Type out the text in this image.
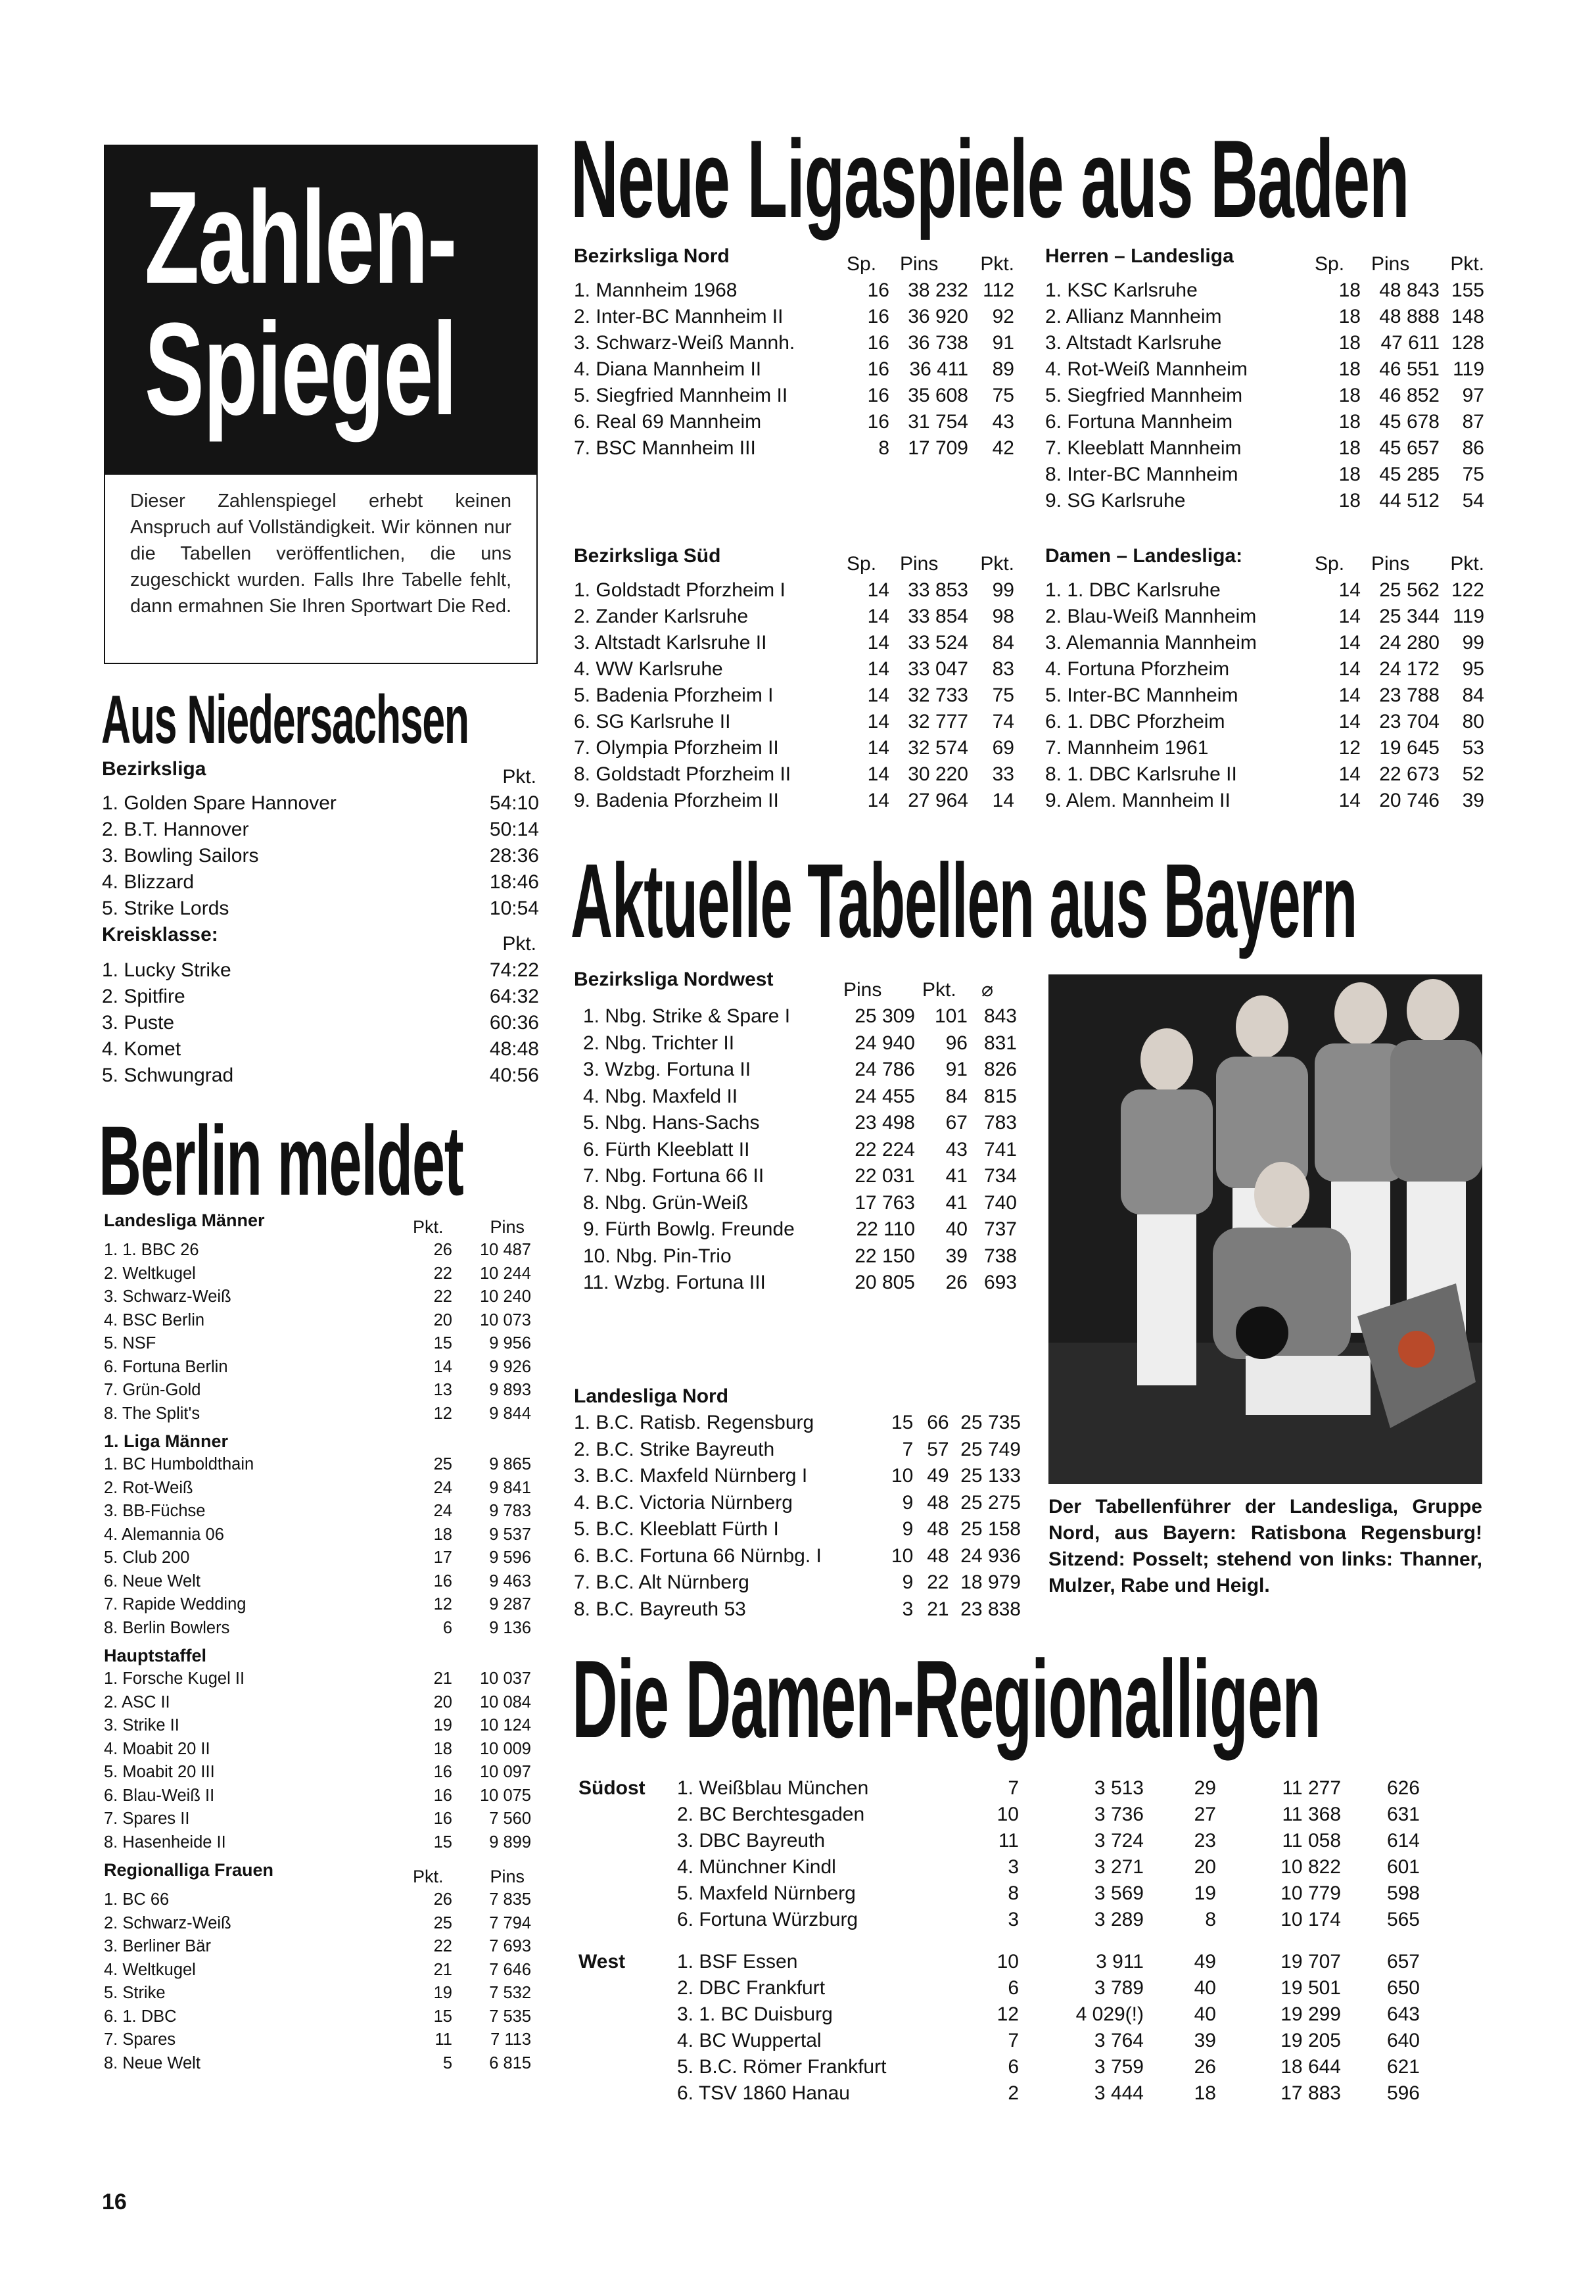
Zahlen-
Spiegel
Dieser Zahlenspiegel erhebt keinen Anspruch auf Vollständigkeit. Wir können nur die Tabellen veröffentlichen, die uns zugeschickt wurden. Falls Ihre Tabelle fehlt, dann ermahnen Sie Ihren Sportwart Die Red.
Aus Niedersachsen
Bezirksliga	Pkt.
1. Golden Spare Hannover	54:10
2. B.T. Hannover	50:14
3. Bowling Sailors	28:36
4. Blizzard	18:46
5. Strike Lords	10:54
Kreisklasse:	Pkt.
1. Lucky Strike	74:22
2. Spitfire	64:32
3. Puste	60:36
4. Komet	48:48
5. Schwungrad	40:56
Berlin meldet
Landesliga Männer	Pkt.	Pins
1. 1. BBC 26	26	10 487
2. Weltkugel	22	10 244
3. Schwarz-Weiß	22	10 240
4. BSC Berlin	20	10 073
5. NSF	15	9 956
6. Fortuna Berlin	14	9 926
7. Grün-Gold	13	9 893
8. The Split's	12	9 844
1. Liga Männer
1. BC Humboldthain	25	9 865
2. Rot-Weiß	24	9 841
3. BB-Füchse	24	9 783
4. Alemannia 06	18	9 537
5. Club 200	17	9 596
6. Neue Welt	16	9 463
7. Rapide Wedding	12	9 287
8. Berlin Bowlers	6	9 136
Hauptstaffel
1. Forsche Kugel II	21	10 037
2. ASC II	20	10 084
3. Strike II	19	10 124
4. Moabit 20 II	18	10 009
5. Moabit 20 III	16	10 097
6. Blau-Weiß II	16	10 075
7. Spares II	16	7 560
8. Hasenheide II	15	9 899
Regionalliga Frauen	Pkt.	Pins
1. BC 66	26	7 835
2. Schwarz-Weiß	25	7 794
3. Berliner Bär	22	7 693
4. Weltkugel	21	7 646
5. Strike	19	7 532
6. 1. DBC	15	7 535
7. Spares	11	7 113
8. Neue Welt	5	6 815
Neue Ligaspiele aus Baden
Bezirksliga Nord	Sp.	Pins	Pkt.
1. Mannheim 1968	16	38 232	112
2. Inter-BC Mannheim II	16	36 920	92
3. Schwarz-Weiß Mannh.	16	36 738	91
4. Diana Mannheim II	16	36 411	89
5. Siegfried Mannheim II	16	35 608	75
6. Real 69 Mannheim	16	31 754	43
7. BSC Mannheim III	8	17 709	42
Herren – Landesliga	Sp.	Pins	Pkt.
1. KSC Karlsruhe	18	48 843	155
2. Allianz Mannheim	18	48 888	148
3. Altstadt Karlsruhe	18	47 611	128
4. Rot-Weiß Mannheim	18	46 551	119
5. Siegfried Mannheim	18	46 852	97
6. Fortuna Mannheim	18	45 678	87
7. Kleeblatt Mannheim	18	45 657	86
8. Inter-BC Mannheim	18	45 285	75
9. SG Karlsruhe	18	44 512	54
Bezirksliga Süd	Sp.	Pins	Pkt.
1. Goldstadt Pforzheim I	14	33 853	99
2. Zander Karlsruhe	14	33 854	98
3. Altstadt Karlsruhe II	14	33 524	84
4. WW Karlsruhe	14	33 047	83
5. Badenia Pforzheim I	14	32 733	75
6. SG Karlsruhe II	14	32 777	74
7. Olympia Pforzheim II	14	32 574	69
8. Goldstadt Pforzheim II	14	30 220	33
9. Badenia Pforzheim II	14	27 964	14
Damen – Landesliga:	Sp.	Pins	Pkt.
1. 1. DBC Karlsruhe	14	25 562	122
2. Blau-Weiß Mannheim	14	25 344	119
3. Alemannia Mannheim	14	24 280	99
4. Fortuna Pforzheim	14	24 172	95
5. Inter-BC Mannheim	14	23 788	84
6. 1. DBC Pforzheim	14	23 704	80
7. Mannheim 1961	12	19 645	53
8. 1. DBC Karlsruhe II	14	22 673	52
9. Alem. Mannheim II	14	20 746	39
Aktuelle Tabellen aus Bayern
Bezirksliga Nordwest	Pins	Pkt.	⌀
1. Nbg. Strike & Spare I	25 309	101	843
2. Nbg. Trichter II	24 940	96	831
3. Wzbg. Fortuna II	24 786	91	826
4. Nbg. Maxfeld II	24 455	84	815
5. Nbg. Hans-Sachs	23 498	67	783
6. Fürth Kleeblatt II	22 224	43	741
7. Nbg. Fortuna 66 II	22 031	41	734
8. Nbg. Grün-Weiß	17 763	41	740
9. Fürth Bowlg. Freunde	22 110	40	737
10. Nbg. Pin-Trio	22 150	39	738
11. Wzbg. Fortuna III	20 805	26	693
Landesliga Nord
1. B.C. Ratisb. Regensburg	15	66	25 735
2. B.C. Strike Bayreuth	7	57	25 749
3. B.C. Maxfeld Nürnberg I	10	49	25 133
4. B.C. Victoria Nürnberg	9	48	25 275
5. B.C. Kleeblatt Fürth I	9	48	25 158
6. B.C. Fortuna 66 Nürnbg. I	10	48	24 936
7. B.C. Alt Nürnberg	9	22	18 979
8. B.C. Bayreuth 53	3	21	23 838
Der Tabellenführer der Landesliga, Gruppe Nord, aus Bayern: Ratisbona Regensburg! Sitzend: Posselt; stehend von links: Thanner, Mulzer, Rabe und Heigl.
Die Damen-Regionalligen
Südost	1. Weißblau München	7	3 513	29	11 277	626
	2. BC Berchtesgaden	10	3 736	27	11 368	631
	3. DBC Bayreuth	11	3 724	23	11 058	614
	4. Münchner Kindl	3	3 271	20	10 822	601
	5. Maxfeld Nürnberg	8	3 569	19	10 779	598
	6. Fortuna Würzburg	3	3 289	8	10 174	565
West	1. BSF Essen	10	3 911	49	19 707	657
	2. DBC Frankfurt	6	3 789	40	19 501	650
	3. 1. BC Duisburg	12	4 029(!)	40	19 299	643
	4. BC Wuppertal	7	3 764	39	19 205	640
	5. B.C. Römer Frankfurt	6	3 759	26	18 644	621
	6. TSV 1860 Hanau	2	3 444	18	17 883	596
16
